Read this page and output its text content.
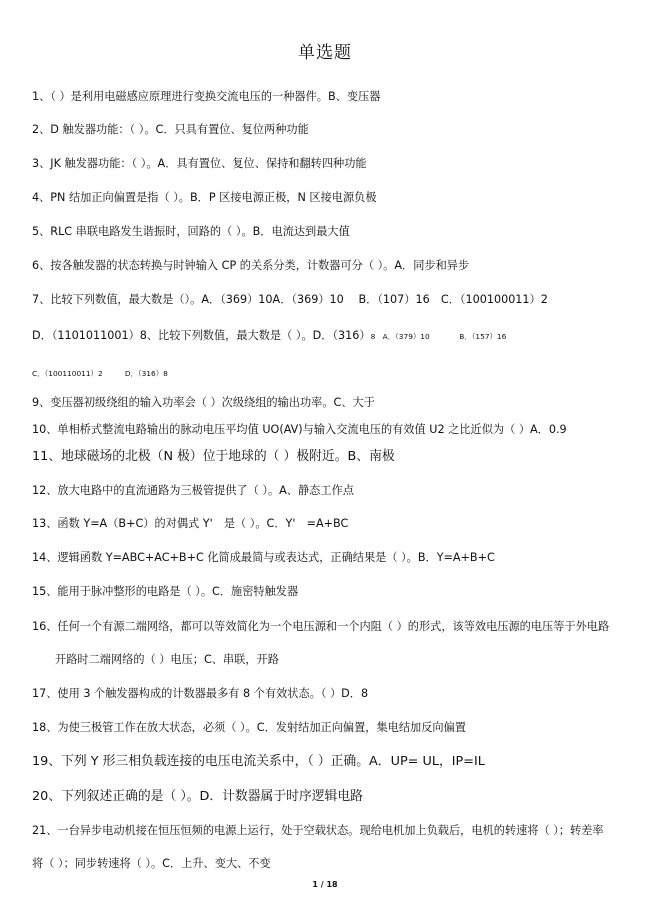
单选题
1、（ ）是利用电磁感应原理进行变换交流电压的一种器件。B、变压器
2、D 触发器功能：（ ）。C．只具有置位、复位两种功能
3、JK 触发器功能：（ ）。A．具有置位、复位、保持和翻转四种功能
4、PN 结加正向偏置是指（ ）。B．P 区接电源正极，N 区接电源负极
5、RLC 串联电路发生谐振时，回路的（ ）。B．电流达到最大值
6、按各触发器的状态转换与时钟输入 CP 的关系分类，计数器可分（ ）。A．同步和异步
7、比较下列数值，最大数是（）。A．（369）10A．（369）10　 B．（107）16　C．（100100011）2
D．（1101011001）8、比较下列数值，最大数是（ ）。D．（316）8　A．（379）10　　　　B．（157）16
C．（100110011）2　　　D．（316）8
9、变压器初级绕组的输入功率会（ ）次级绕组的输出功率。C、大于
10、单相桥式整流电路输出的脉动电压平均值 UO(AV)与输入交流电压的有效值 U2 之比近似为（ ）A．0.9
11、地球磁场的北极（N 极）位于地球的（ ）极附近。B、南极
12、放大电路中的直流通路为三极管提供了（ ）。A、静态工作点
13、函数 Y=A（B+C）的对偶式 Y'　是（ ）。C．Y'　=A+BC
14、逻辑函数 Y=ABC+AC+B+C 化简成最简与或表达式，正确结果是（ ）。B．Y=A+B+C
15、能用于脉冲整形的电路是（ ）。C．施密特触发器
16、任何一个有源二端网络，都可以等效简化为一个电压源和一个内阻（ ）的形式，该等效电压源的电压等于外电路
开路时二端网络的（ ）电压；C、串联，开路
17、使用 3 个触发器构成的计数器最多有 8 个有效状态。（ ）D．8
18、为使三极管工作在放大状态，必须（ ）。C．发射结加正向偏置，集电结加反向偏置
19、下列 Y 形三相负载连接的电压电流关系中，（ ）正确。A．UP= UL，IP=IL
20、下列叙述正确的是（ ）。D．计数器属于时序逻辑电路
21、一台异步电动机接在恒压恒频的电源上运行，处于空载状态。现给电机加上负载后，电机的转速将（ ）；转差率
将（ ）；同步转速将（ ）。C．上升、变大、不变
1 / 18
